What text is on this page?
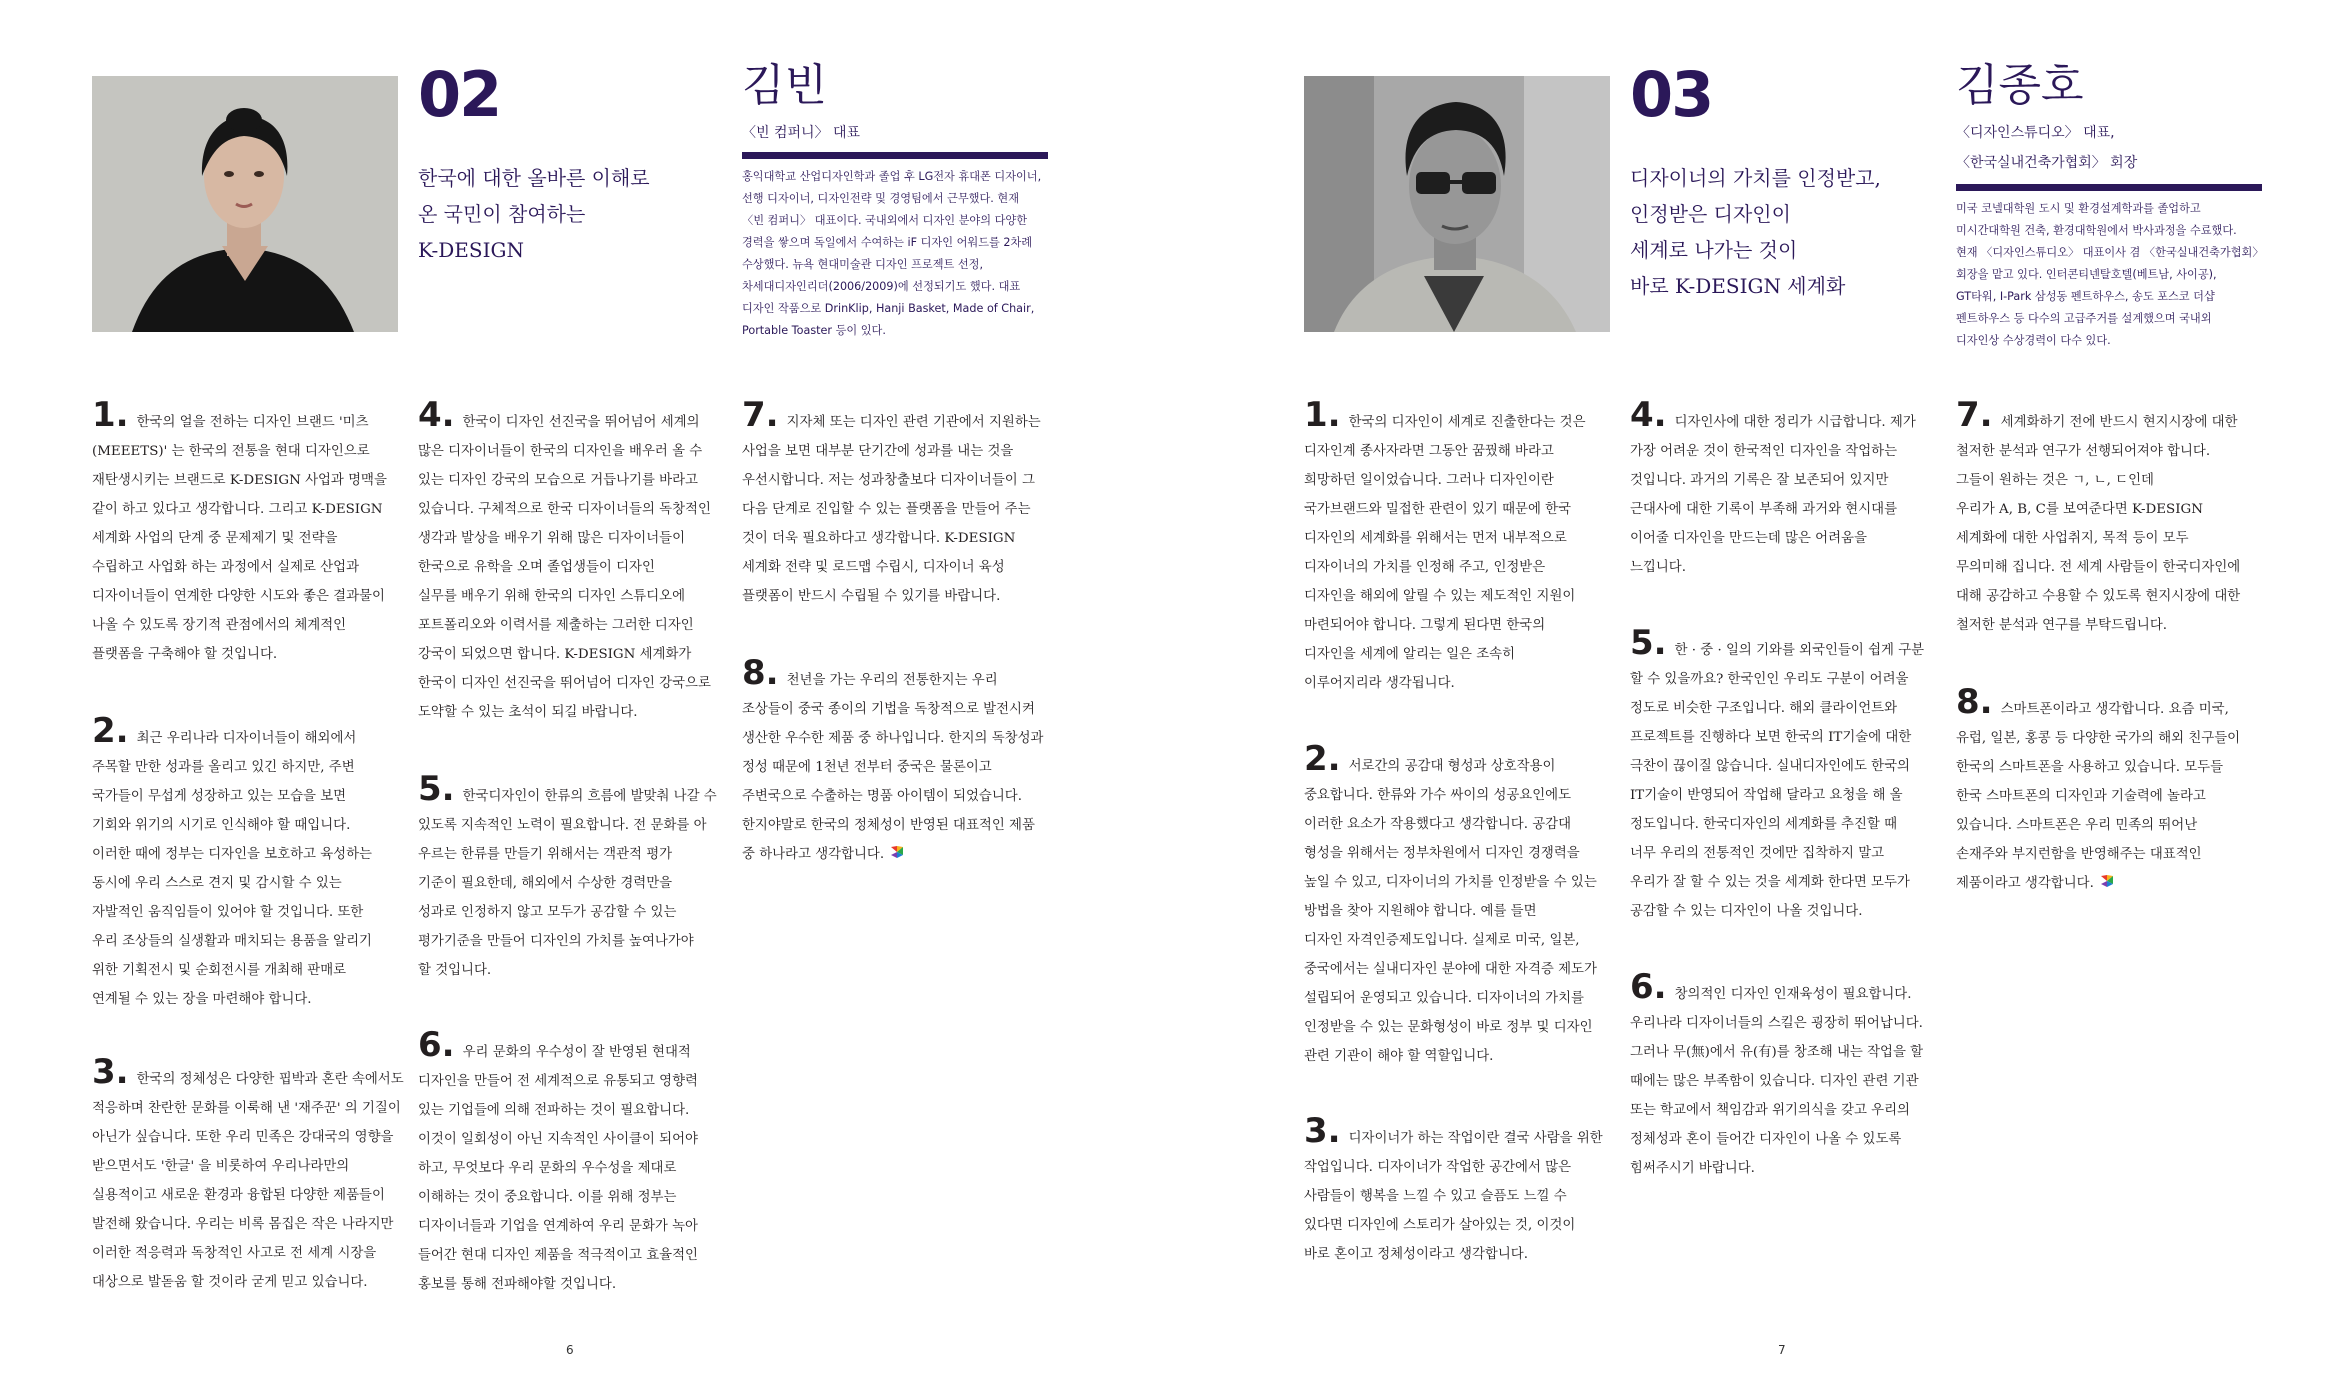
02
한국에 대한 올바른 이해로
온 국민이 참여하는
K-DESIGN
김빈
〈빈 컴퍼니〉 대표
홍익대학교 산업디자인학과 졸업 후 LG전자 휴대폰 디자이너,
선행 디자이너, 디자인전략 및 경영팀에서 근무했다. 현재
〈빈 컴퍼니〉 대표이다. 국내외에서 디자인 분야의 다양한
경력을 쌓으며 독일에서 수여하는 iF 디자인 어워드를 2차례
수상했다. 뉴욕 현대미술관 디자인 프로젝트 선정,
차세대디자인리더(2006/2009)에 선정되기도 했다. 대표
디자인 작품으로 DrinKlip, Hanji Basket, Made of Chair,
Portable Toaster 등이 있다.
1. 한국의 얼을 전하는 디자인 브랜드 '미츠
(MEEETS)' 는 한국의 전통을 현대 디자인으로
재탄생시키는 브랜드로 K-DESIGN 사업과 명맥을
같이 하고 있다고 생각합니다. 그리고 K-DESIGN
세계화 사업의 단계 중 문제제기 및 전략을
수립하고 사업화 하는 과정에서 실제로 산업과
디자이너들이 연계한 다양한 시도와 좋은 결과물이
나올 수 있도록 장기적 관점에서의 체계적인
플랫폼을 구축해야 할 것입니다.
2. 최근 우리나라 디자이너들이 해외에서
주목할 만한 성과를 올리고 있긴 하지만, 주변
국가들이 무섭게 성장하고 있는 모습을 보면
기회와 위기의 시기로 인식해야 할 때입니다.
이러한 때에 정부는 디자인을 보호하고 육성하는
동시에 우리 스스로 견지 및 감시할 수 있는
자발적인 움직임들이 있어야 할 것입니다. 또한
우리 조상들의 실생활과 매치되는 용품을 알리기
위한 기획전시 및 순회전시를 개최해 판매로
연계될 수 있는 장을 마련해야 합니다.
3. 한국의 정체성은 다양한 핍박과 혼란 속에서도
적응하며 찬란한 문화를 이룩해 낸 '재주꾼' 의 기질이
아닌가 싶습니다. 또한 우리 민족은 강대국의 영향을
받으면서도 '한글' 을 비롯하여 우리나라만의
실용적이고 새로운 환경과 융합된 다양한 제품들이
발전해 왔습니다. 우리는 비록 몸집은 작은 나라지만
이러한 적응력과 독창적인 사고로 전 세계 시장을
대상으로 발돋움 할 것이라 굳게 믿고 있습니다.
4. 한국이 디자인 선진국을 뛰어넘어 세계의
많은 디자이너들이 한국의 디자인을 배우러 올 수
있는 디자인 강국의 모습으로 거듭나기를 바라고
있습니다. 구체적으로 한국 디자이너들의 독창적인
생각과 발상을 배우기 위해 많은 디자이너들이
한국으로 유학을 오며 졸업생들이 디자인
실무를 배우기 위해 한국의 디자인 스튜디오에
포트폴리오와 이력서를 제출하는 그러한 디자인
강국이 되었으면 합니다. K-DESIGN 세계화가
한국이 디자인 선진국을 뛰어넘어 디자인 강국으로
도약할 수 있는 초석이 되길 바랍니다.
5. 한국디자인이 한류의 흐름에 발맞춰 나갈 수
있도록 지속적인 노력이 필요합니다. 전 문화를 아
우르는 한류를 만들기 위해서는 객관적 평가
기준이 필요한데, 해외에서 수상한 경력만을
성과로 인정하지 않고 모두가 공감할 수 있는
평가기준을 만들어 디자인의 가치를 높여나가야
할 것입니다.
6. 우리 문화의 우수성이 잘 반영된 현대적
디자인을 만들어 전 세계적으로 유통되고 영향력
있는 기업들에 의해 전파하는 것이 필요합니다.
이것이 일회성이 아닌 지속적인 사이클이 되어야
하고, 무엇보다 우리 문화의 우수성을 제대로
이해하는 것이 중요합니다. 이를 위해 정부는
디자이너들과 기업을 연계하여 우리 문화가 녹아
들어간 현대 디자인 제품을 적극적이고 효율적인
홍보를 통해 전파해야할 것입니다.
7. 지자체 또는 디자인 관련 기관에서 지원하는
사업을 보면 대부분 단기간에 성과를 내는 것을
우선시합니다. 저는 성과창출보다 디자이너들이 그
다음 단계로 진입할 수 있는 플랫폼을 만들어 주는
것이 더욱 필요하다고 생각합니다. K-DESIGN
세계화 전략 및 로드맵 수립시, 디자이너 육성
플랫폼이 반드시 수립될 수 있기를 바랍니다.
8. 천년을 가는 우리의 전통한지는 우리
조상들이 중국 종이의 기법을 독창적으로 발전시켜
생산한 우수한 제품 중 하나입니다. 한지의 독창성과
정성 때문에 1천년 전부터 중국은 물론이고
주변국으로 수출하는 명품 아이템이 되었습니다.
한지야말로 한국의 정체성이 반영된 대표적인 제품
중 하나라고 생각합니다.
6
03
디자이너의 가치를 인정받고,
인정받은 디자인이
세계로 나가는 것이
바로 K-DESIGN 세계화
김종호
〈디자인스튜디오〉 대표,
〈한국실내건축가협회〉 회장
미국 코넬대학원 도시 및 환경설계학과를 졸업하고
미시간대학원 건축, 환경대학원에서 박사과정을 수료했다.
현재 〈디자인스튜디오〉 대표이사 겸 〈한국실내건축가협회〉
회장을 맡고 있다. 인터콘티넨탈호텔(베트남, 사이공),
GT타워, I-Park 삼성동 펜트하우스, 송도 포스코 더샵
펜트하우스 등 다수의 고급주거를 설계했으며 국내외
디자인상 수상경력이 다수 있다.
1. 한국의 디자인이 세계로 진출한다는 것은
디자인계 종사자라면 그동안 꿈꿨해 바라고
희망하던 일이었습니다. 그러나 디자인이란
국가브랜드와 밀접한 관련이 있기 때문에 한국
디자인의 세계화를 위해서는 먼저 내부적으로
디자이너의 가치를 인정해 주고, 인정받은
디자인을 해외에 알릴 수 있는 제도적인 지원이
마련되어야 합니다. 그렇게 된다면 한국의
디자인을 세계에 알리는 일은 조속히
이루어지리라 생각됩니다.
2. 서로간의 공감대 형성과 상호작용이
중요합니다. 한류와 가수 싸이의 성공요인에도
이러한 요소가 작용했다고 생각합니다. 공감대
형성을 위해서는 정부차원에서 디자인 경쟁력을
높일 수 있고, 디자이너의 가치를 인정받을 수 있는
방법을 찾아 지원해야 합니다. 예를 들면
디자인 자격인증제도입니다. 실제로 미국, 일본,
중국에서는 실내디자인 분야에 대한 자격증 제도가
설립되어 운영되고 있습니다. 디자이너의 가치를
인정받을 수 있는 문화형성이 바로 정부 및 디자인
관련 기관이 해야 할 역할입니다.
3. 디자이너가 하는 작업이란 결국 사람을 위한
작업입니다. 디자이너가 작업한 공간에서 많은
사람들이 행복을 느낄 수 있고 슬픔도 느낄 수
있다면 디자인에 스토리가 살아있는 것, 이것이
바로 혼이고 정체성이라고 생각합니다.
4. 디자인사에 대한 정리가 시급합니다. 제가
가장 어려운 것이 한국적인 디자인을 작업하는
것입니다. 과거의 기록은 잘 보존되어 있지만
근대사에 대한 기록이 부족해 과거와 현시대를
이어줄 디자인을 만드는데 많은 어려움을
느낍니다.
5. 한 · 중 · 일의 기와를 외국인들이 쉽게 구분
할 수 있을까요? 한국인인 우리도 구분이 어려울
정도로 비슷한 구조입니다. 해외 클라이언트와
프로젝트를 진행하다 보면 한국의 IT기술에 대한
극찬이 끊이질 않습니다. 실내디자인에도 한국의
IT기술이 반영되어 작업해 달라고 요청을 해 올
정도입니다. 한국디자인의 세계화를 추진할 때
너무 우리의 전통적인 것에만 집착하지 말고
우리가 잘 할 수 있는 것을 세계화 한다면 모두가
공감할 수 있는 디자인이 나올 것입니다.
6. 창의적인 디자인 인재육성이 필요합니다.
우리나라 디자이너들의 스킬은 굉장히 뛰어납니다.
그러나 무(無)에서 유(有)를 창조해 내는 작업을 할
때에는 많은 부족함이 있습니다. 디자인 관련 기관
또는 학교에서 책임감과 위기의식을 갖고 우리의
정체성과 혼이 들어간 디자인이 나올 수 있도록
힘써주시기 바랍니다.
7. 세계화하기 전에 반드시 현지시장에 대한
철저한 분석과 연구가 선행되어져야 합니다.
그들이 원하는 것은 ㄱ, ㄴ, ㄷ인데
우리가 A, B, C를 보여준다면 K-DESIGN
세계화에 대한 사업취지, 목적 등이 모두
무의미해 집니다. 전 세계 사람들이 한국디자인에
대해 공감하고 수용할 수 있도록 현지시장에 대한
철저한 분석과 연구를 부탁드립니다.
8. 스마트폰이라고 생각합니다. 요즘 미국,
유럽, 일본, 홍콩 등 다양한 국가의 해외 친구들이
한국의 스마트폰을 사용하고 있습니다. 모두들
한국 스마트폰의 디자인과 기술력에 놀라고
있습니다. 스마트폰은 우리 민족의 뛰어난
손재주와 부지런함을 반영해주는 대표적인
제품이라고 생각합니다.
7
